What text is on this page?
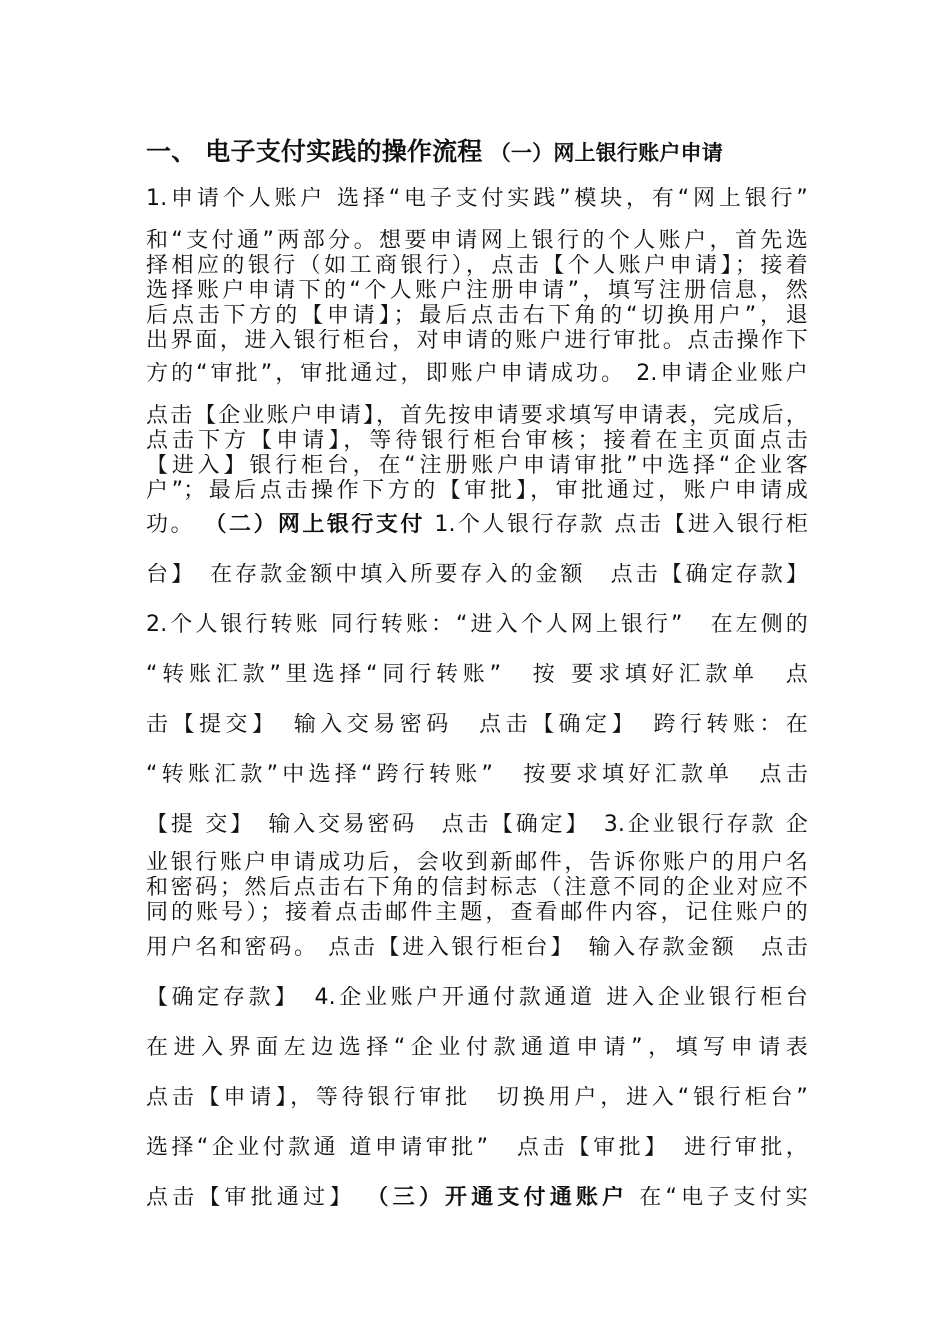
一、 电子支付实践的操作流程 （一）网上银行账户申请

1.申请个人账户 选择“电子支付实践”模块，有“网上银行”

和“支付通”两部分。想要申请网上银行的个人账户，首先选

择相应的银行（如工商银行），点击【个人账户申请】；接着

选择账户申请下的“个人账户注册申请”，填写注册信息，然

后点击下方的【申请】；最后点击右下角的“切换用户”，退

出界面，进入银行柜台，对申请的账户进行审批。点击操作下

方的“审批”，审批通过，即账户申请成功。 2.申请企业账户

点击【企业账户申请】，首先按申请要求填写申请表，完成后，

点击下方【申请】，等待银行柜台审核；接着在主页面点击

【进入】银行柜台，在“注册账户申请审批”中选择“企业客

户”；最后点击操作下方的【审批】，审批通过，账户申请成

功。 （二）网上银行支付 1.个人银行存款 点击【进入银行柜

台】　在存款金额中填入所要存入的金额　点击【确定存款】

2.个人银行转账 同行转账：“进入个人网上银行”　在左侧的

“转账汇款”里选择“同行转账”　按 要求填好汇款单　点

击【提交】　输入交易密码　点击【确定】　跨行转账：在

“转账汇款”中选择“跨行转账”　按要求填好汇款单　点击

【提 交】　输入交易密码　点击【确定】　3.企业银行存款 企

业银行账户申请成功后，会收到新邮件，告诉你账户的用户名

和密码；然后点击右下角的信封标志（注意不同的企业对应不

同的账号）；接着点击邮件主题，查看邮件内容，记住账户的

用户名和密码。 点击【进入银行柜台】　输入存款金额　点击

【确定存款】　4.企业账户开通付款通道 进入企业银行柜台

在进入界面左边选择“企业付款通道申请”，填写申请表

点击【申请】，等待银行审批　切换用户，进入“银行柜台”

选择“企业付款通 道申请审批”　点击【审批】　进行审批，

点击【审批通过】 （三）开通支付通账户 在“电子支付实
